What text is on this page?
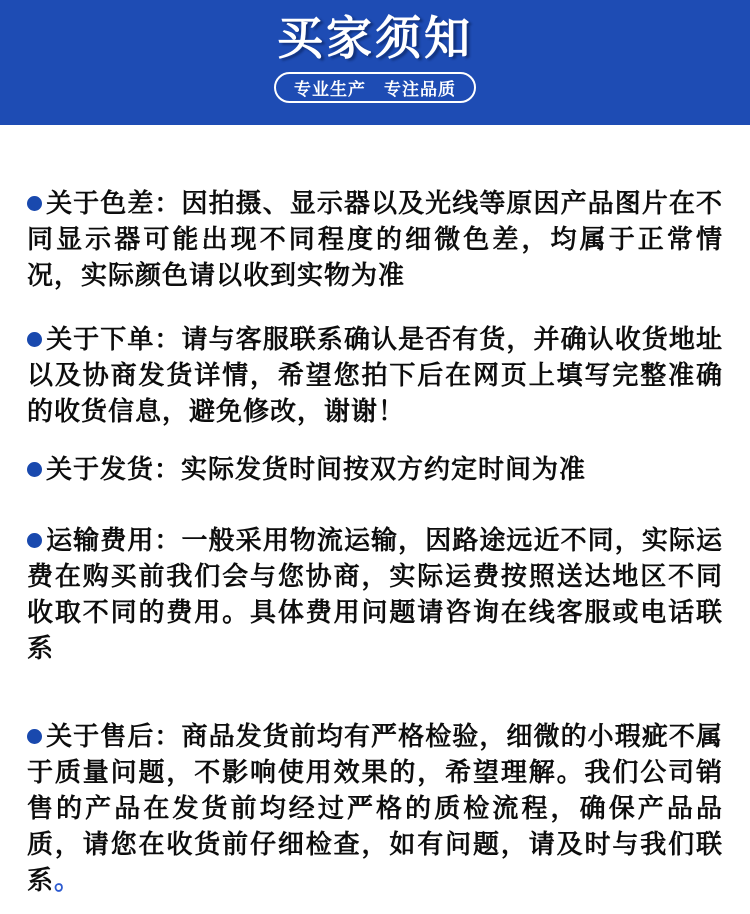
买家须知
专业生产　专注品质

关于色差：因拍摄、显示器以及光线等原因产品图片在不同显示器可能出现不同程度的细微色差，均属于正常情况，实际颜色请以收到实物为准

关于下单：请与客服联系确认是否有货，并确认收货地址以及协商发货详情，希望您拍下后在网页上填写完整准确的收货信息，避免修改，谢谢！

关于发货：实际发货时间按双方约定时间为准

运输费用：一般采用物流运输，因路途远近不同，实际运费在购买前我们会与您协商，实际运费按照送达地区不同收取不同的费用。具体费用问题请咨询在线客服或电话联系

关于售后：商品发货前均有严格检验，细微的小瑕疵不属于质量问题，不影响使用效果的，希望理解。我们公司销售的产品在发货前均经过严格的质检流程，确保产品品质，请您在收货前仔细检查，如有问题，请及时与我们联系。
